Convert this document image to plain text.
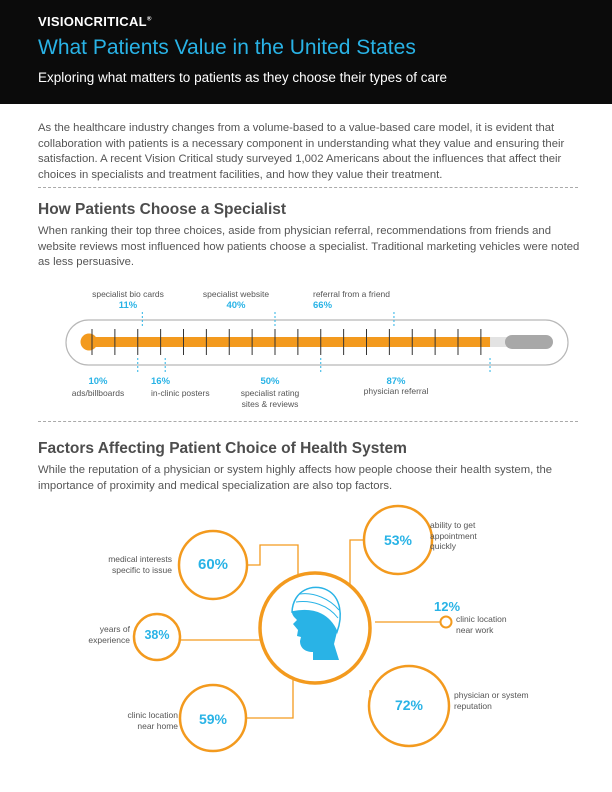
VISIONCRITICAL®
What Patients Value in the United States
Exploring what matters to patients as they choose their types of care
As the healthcare industry changes from a volume-based to a value-based care model, it is evident that collaboration with patients is a necessary component in understanding what they value and ensuring their satisfaction. A recent Vision Critical study surveyed 1,002 Americans about the influences that affect their choices in specialists and treatment facilities, and how they value their treatment.
How Patients Choose a Specialist
When ranking their top three choices, aside from physician referral, recommendations from friends and website reviews most influenced how patients choose a specialist. Traditional marketing vehicles were noted as less persuasive.
specialist bio cards
11%
specialist website
40%
referral from a friend
66%
10%
ads/billboards
16%
in-clinic posters
50%
specialist rating sites & reviews
87%
physician referral
Factors Affecting Patient Choice of Health System
While the reputation of a physician or system highly affects how people choose their health system, the importance of proximity and medical specialization are also top factors.
60%
medical interests specific to issue
38%
years of experience
59%
clinic location near home
53%
ability to get appointment quickly
12%
clinic location near work
72%
physician or system reputation
